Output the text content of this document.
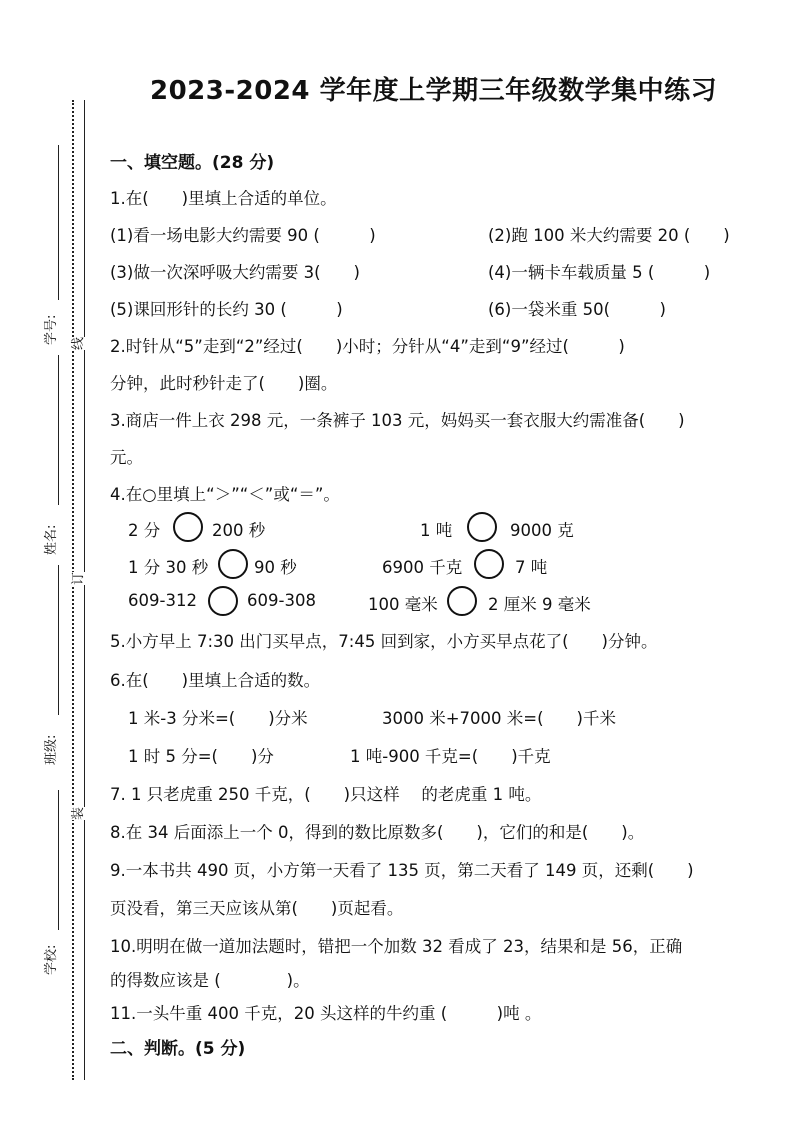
2023-2024 学年度上学期三年级数学集中练习
学号:
姓名:
班级:
学校:
线
订
装
一、填空题。(28 分)
1.在(　　)里填上合适的单位。
(1)看一场电影大约需要 90 (　　　)	(2)跑 100 米大约需要 20 (　　)
(3)做一次深呼吸大约需要 3(　　)	(4)一辆卡车载质量 5 (　　　)
(5)课回形针的长约 30 (　　　)	(6)一袋米重 50(　　　)
2.时针从“5”走到“2”经过(　　)小时；分针从“4”走到“9”经过(　　　)
分钟，此时秒针走了(　　)圈。
3.商店一件上衣 298 元，一条裤子 103 元，妈妈买一套衣服大约需准备(　　)
元。
4.在○里填上“＞”“＜”或“＝”。
2 分	200 秒	1 吨	9000 克
1 分 30 秒	90 秒	6900 千克	7 吨
609-312	609-308	100 毫米	2 厘米 9 毫米
5.小方早上 7:30 出门买早点，7:45 回到家，小方买早点花了(　　)分钟。
6.在(　　)里填上合适的数。
1 米-3 分米=(　　)分米	3000 米+7000 米=(　　)千米
1 时 5 分=(　　)分	1 吨-900 千克=(　　)千克
7. 1 只老虎重 250 千克，(　　)只这样　 的老虎重 1 吨。
8.在 34 后面添上一个 0，得到的数比原数多(　　)，它们的和是(　　)。
9.一本书共 490 页，小方第一天看了 135 页，第二天看了 149 页，还剩(　　)
页没看，第三天应该从第(　　)页起看。
10.明明在做一道加法题时，错把一个加数 32 看成了 23，结果和是 56，正确
的得数应该是 (　　　　)。
11.一头牛重 400 千克，20 头这样的牛约重 (　　　)吨 。
二、判断。(5 分)
